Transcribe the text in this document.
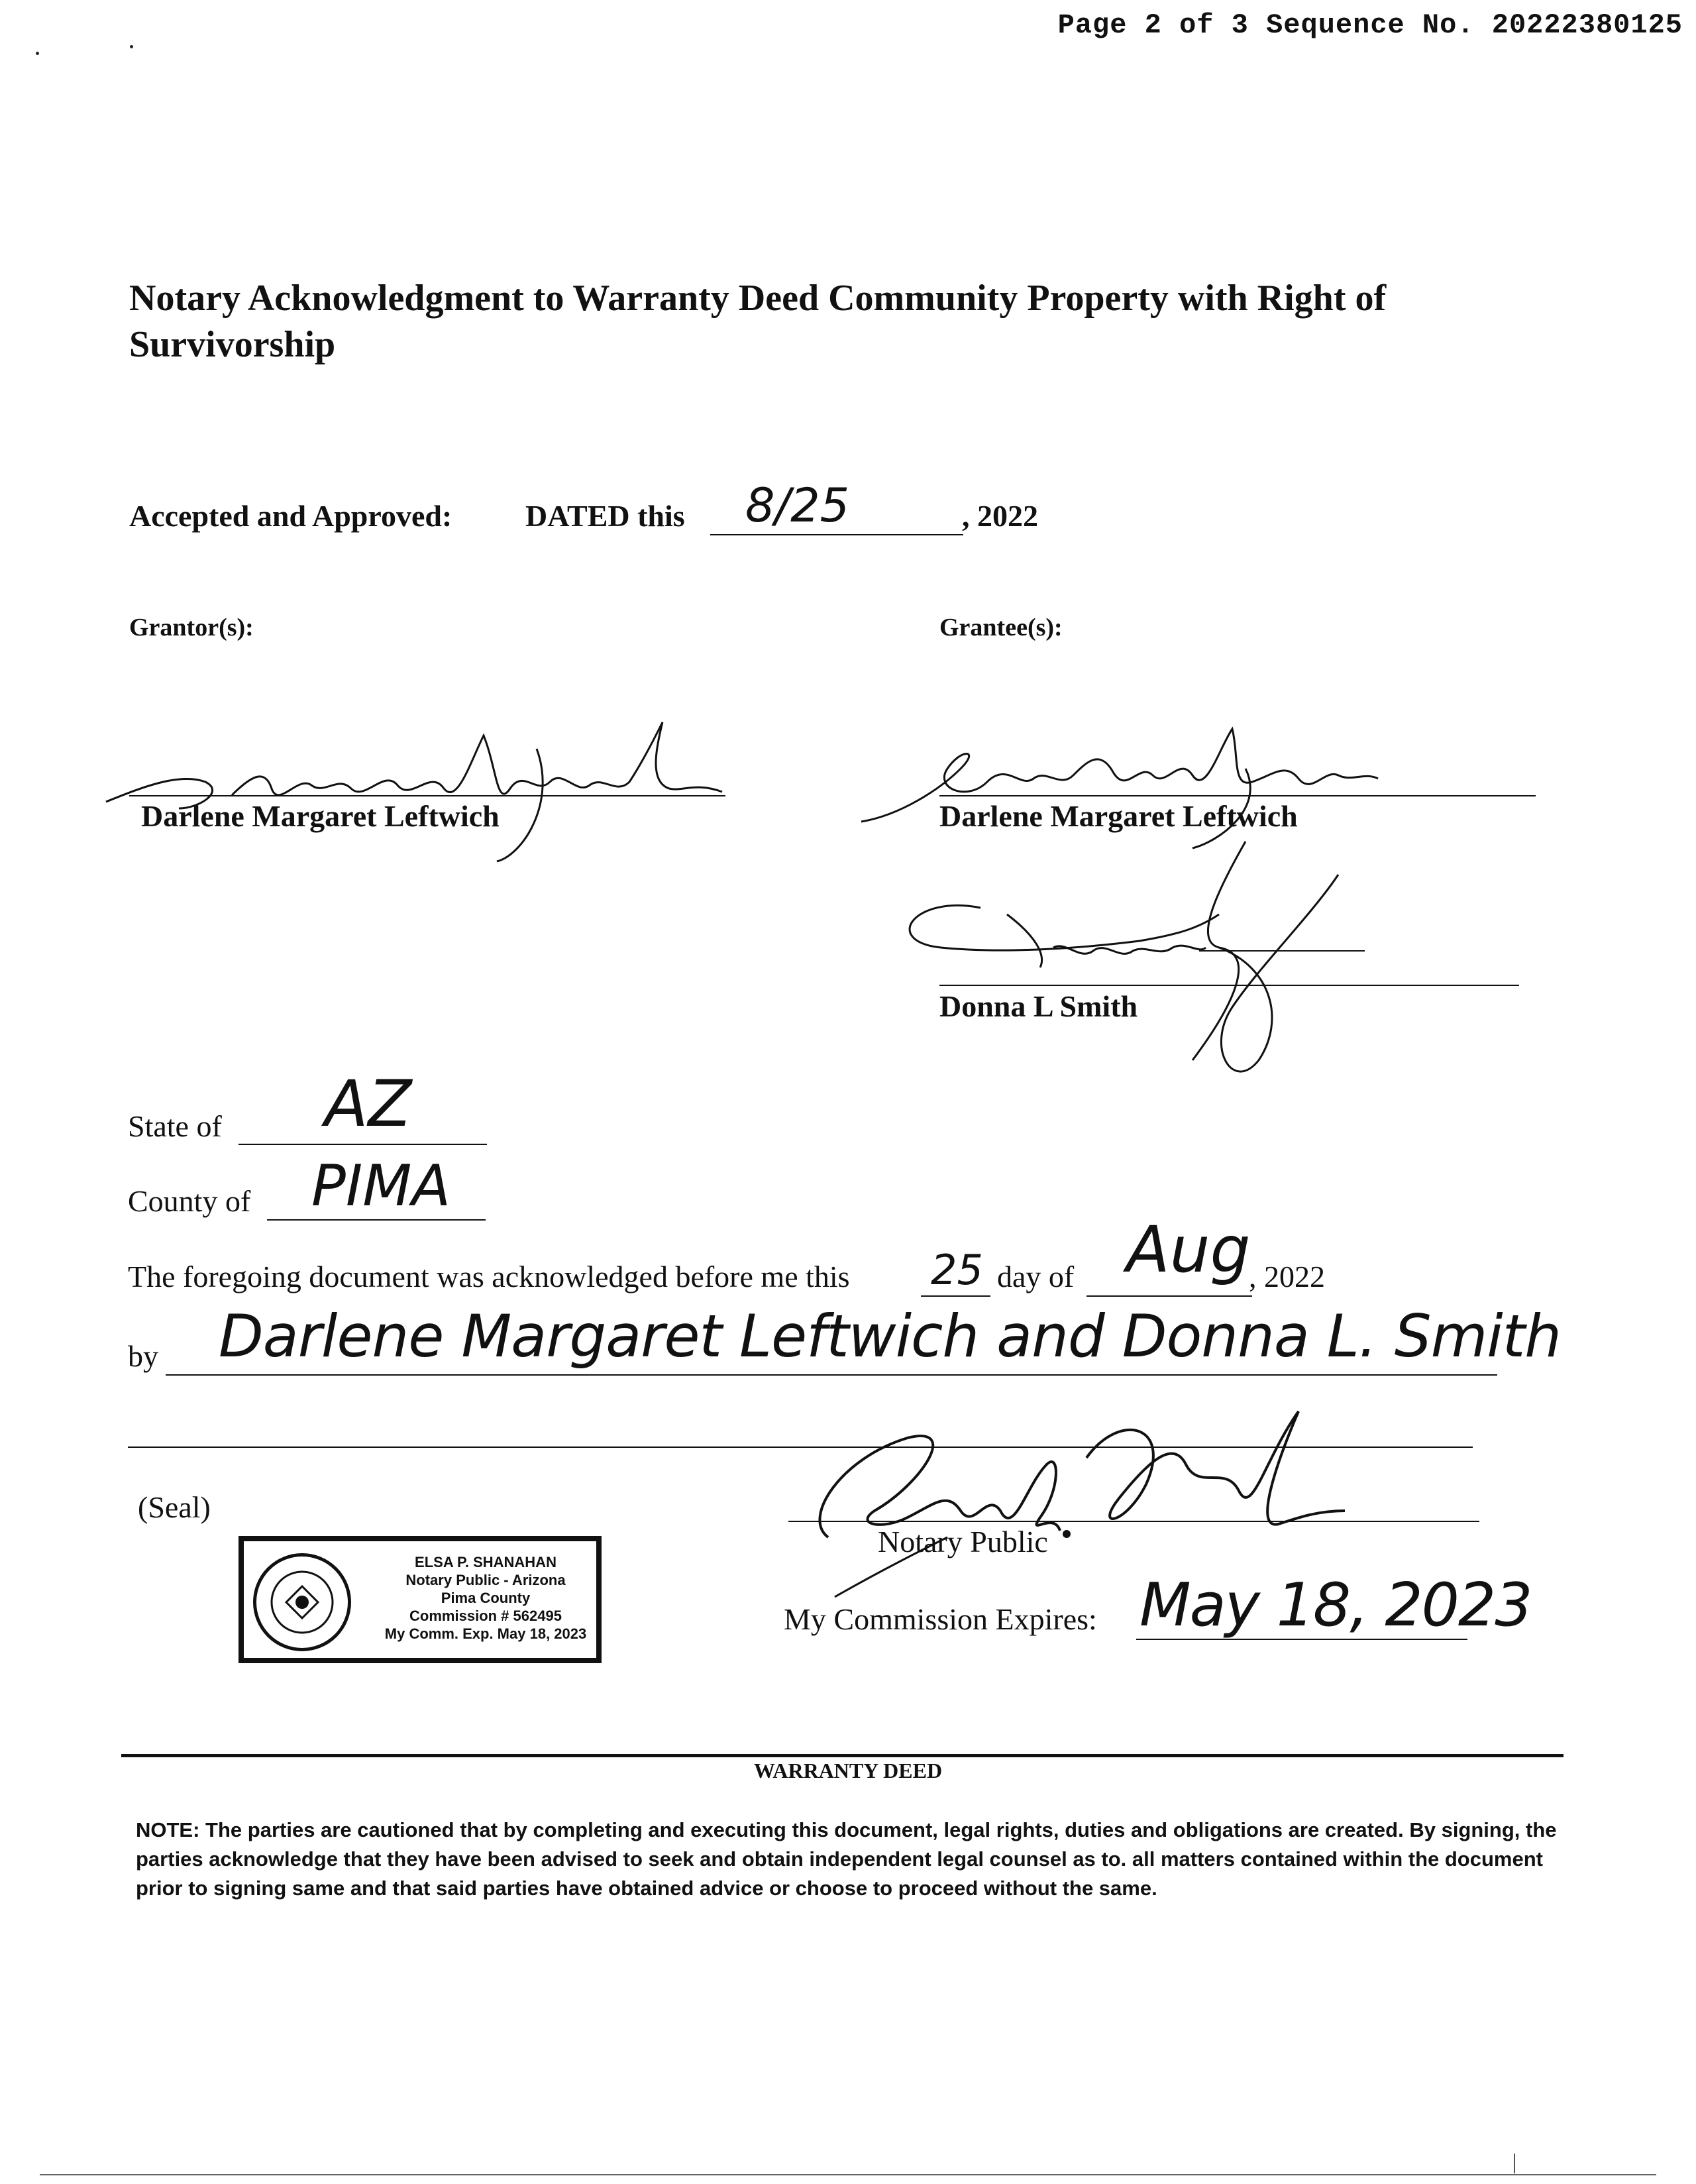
Page 2 of 3 Sequence No. 20222380125
Notary Acknowledgment to Warranty Deed Community Property with Right of Survivorship
Accepted and Approved: DATED this 8/25	, 2022
Grantor(s):	Grantee(s):
Darlene Margaret Leftwich	Darlene Margaret Leftwich
Donna L Smith
State of AZ
County of PIMA
The foregoing document was acknowledged before me this 25 day of Aug
, 2022
by Darlene Margaret Leftwich and Donna L. Smith
(Seal)
ELSA P. SHANAHAN
Notary Public - Arizona
Pima County
Commission # 562495
My Comm. Exp. May 18, 2023
Notary Public
My Commission Expires: May 18, 2023
WARRANTY DEED
NOTE: The parties are cautioned that by completing and executing this document, legal rights, duties and obligations are created. By signing, the parties acknowledge that they have been advised to seek and obtain independent legal counsel as to. all matters contained within the document prior to signing same and that said parties have obtained advice or choose to proceed without the same.
